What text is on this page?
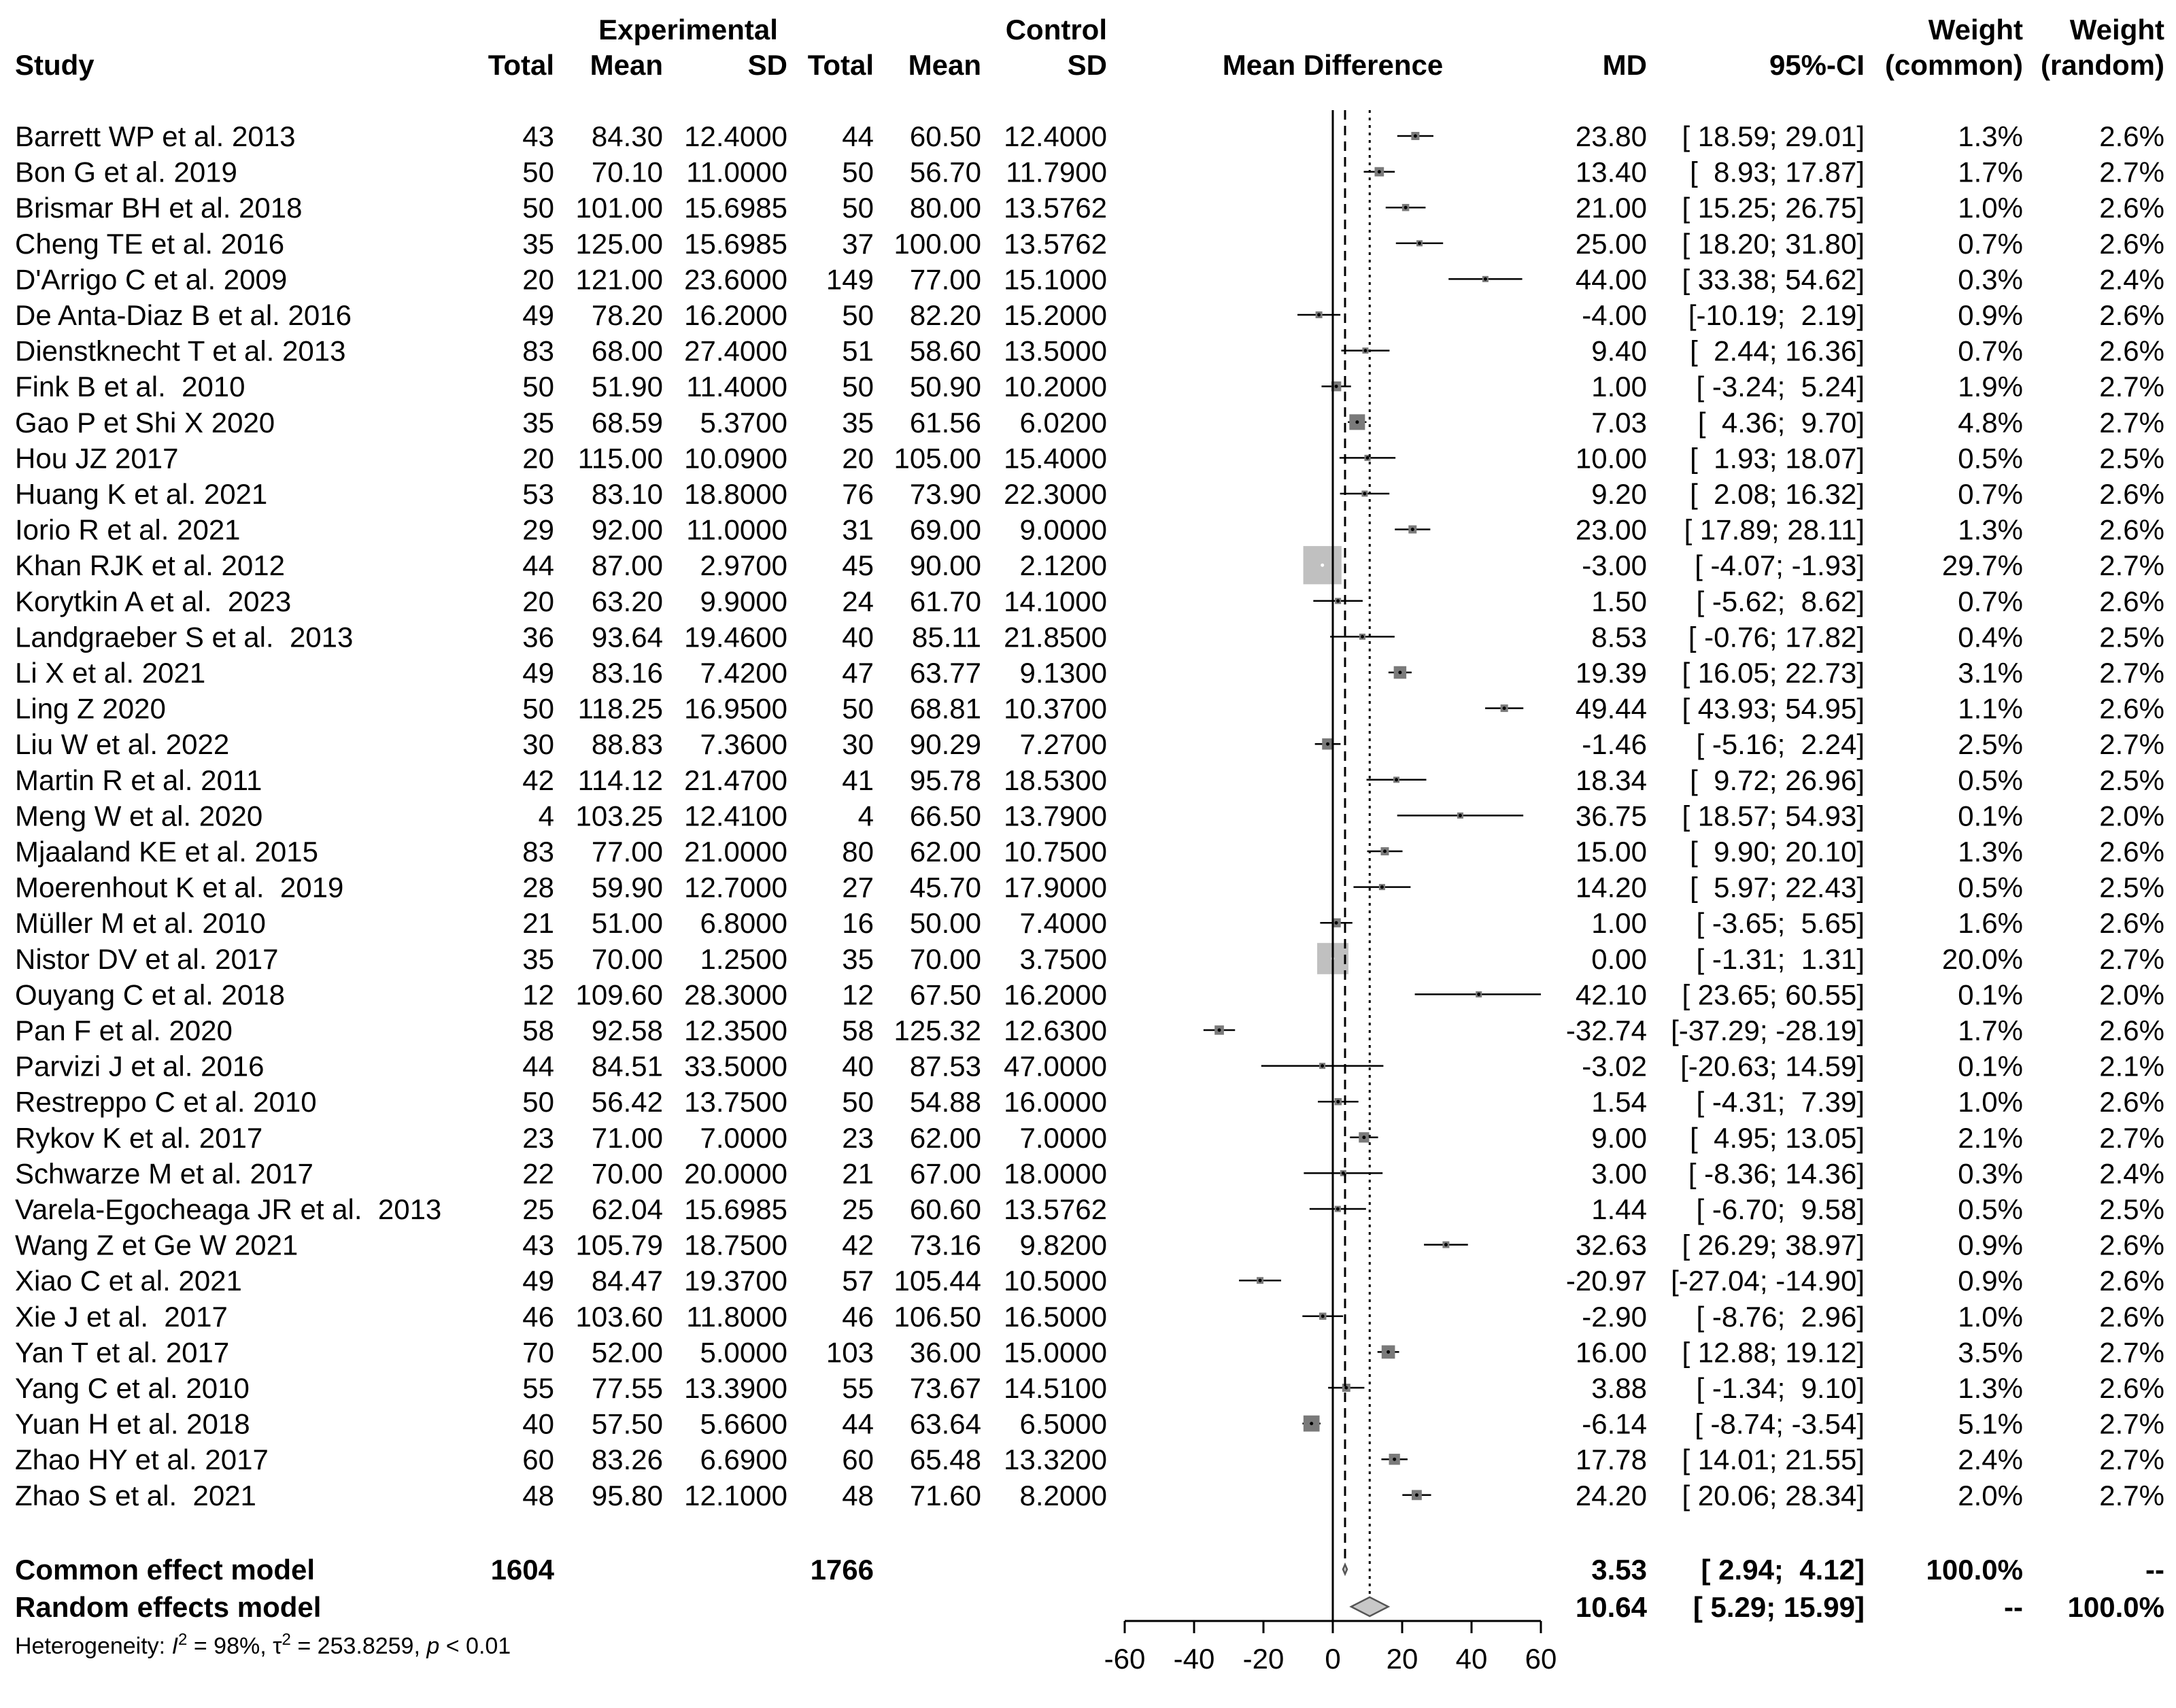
Experimental	Control	Weight Weight
Study	Total Mean	SD Total Mean	SD	Mean Difference	MD	95%-CI (common) (random)
Barrett WP et al. 2013	43 84.30 12.4000 44 60.50 12.4000	23.80 [ 18.59; 29.01]	1.3%	2.6%
Bon G et al. 2019	50 70.10 11.0000 50 56.70 11.7900	13.40 [  8.93; 17.87]	1.7%	2.7%
Brismar BH et al. 2018	50 101.00 15.6985 50 80.00 13.5762	21.00 [ 15.25; 26.75]	1.0%	2.6%
Cheng TE et al. 2016	35 125.00 15.6985 37 100.00 13.5762	25.00 [ 18.20; 31.80]	0.7%	2.6%
D'Arrigo C et al. 2009	20 121.00 23.6000 149 77.00 15.1000	44.00 [ 33.38; 54.62]	0.3%	2.4%
De Anta-Diaz B et al. 2016	49 78.20 16.2000 50 82.20 15.2000	-4.00 [-10.19;  2.19]	0.9%	2.6%
Dienstknecht T et al. 2013	83 68.00 27.4000 51 58.60 13.5000	9.40 [  2.44; 16.36]	0.7%	2.6%
Fink B et al.  2010	50 51.90 11.4000 50 50.90 10.2000	1.00 [ -3.24;  5.24]	1.9%	2.7%
Gao P et Shi X 2020	35 68.59 5.3700 35 61.56 6.0200	7.03 [  4.36;  9.70]	4.8%	2.7%
Hou JZ 2017	20 115.00 10.0900 20 105.00 15.4000	10.00 [  1.93; 18.07]	0.5%	2.5%
Huang K et al. 2021	53 83.10 18.8000 76 73.90 22.3000	9.20 [  2.08; 16.32]	0.7%	2.6%
Iorio R et al. 2021	29 92.00 11.0000 31 69.00 9.0000	23.00 [ 17.89; 28.11]	1.3%	2.6%
Khan RJK et al. 2012	44 87.00 2.9700 45 90.00 2.1200	-3.00 [ -4.07; -1.93]	29.7%	2.7%
Korytkin A et al.  2023	20 63.20 9.9000 24 61.70 14.1000	1.50 [ -5.62;  8.62]	0.7%	2.6%
Landgraeber S et al.  2013	36 93.64 19.4600 40 85.11 21.8500	8.53 [ -0.76; 17.82]	0.4%	2.5%
Li X et al. 2021	49 83.16 7.4200 47 63.77 9.1300	19.39 [ 16.05; 22.73]	3.1%	2.7%
Ling Z 2020	50 118.25 16.9500 50 68.81 10.3700	49.44 [ 43.93; 54.95]	1.1%	2.6%
Liu W et al. 2022	30 88.83 7.3600 30 90.29 7.2700	-1.46 [ -5.16;  2.24]	2.5%	2.7%
Martin R et al. 2011	42 114.12 21.4700 41 95.78 18.5300	18.34 [  9.72; 26.96]	0.5%	2.5%
Meng W et al. 2020	4 103.25 12.4100 4 66.50 13.7900	36.75 [ 18.57; 54.93]	0.1%	2.0%
Mjaaland KE et al. 2015	83 77.00 21.0000 80 62.00 10.7500	15.00 [  9.90; 20.10]	1.3%	2.6%
Moerenhout K et al.  2019	28 59.90 12.7000 27 45.70 17.9000	14.20 [  5.97; 22.43]	0.5%	2.5%
Müller M et al. 2010	21 51.00 6.8000 16 50.00 7.4000	1.00 [ -3.65;  5.65]	1.6%	2.6%
Nistor DV et al. 2017	35 70.00 1.2500 35 70.00 3.7500	0.00 [ -1.31;  1.31]	20.0%	2.7%
Ouyang C et al. 2018	12 109.60 28.3000 12 67.50 16.2000	42.10 [ 23.65; 60.55]	0.1%	2.0%
Pan F et al. 2020	58 92.58 12.3500 58 125.32 12.6300	-32.74 [-37.29; -28.19]	1.7%	2.6%
Parvizi J et al. 2016	44 84.51 33.5000 40 87.53 47.0000	-3.02 [-20.63; 14.59]	0.1%	2.1%
Restreppo C et al. 2010	50 56.42 13.7500 50 54.88 16.0000	1.54 [ -4.31;  7.39]	1.0%	2.6%
Rykov K et al. 2017	23 71.00 7.0000 23 62.00 7.0000	9.00 [  4.95; 13.05]	2.1%	2.7%
Schwarze M et al. 2017	22 70.00 20.0000 21 67.00 18.0000	3.00 [ -8.36; 14.36]	0.3%	2.4%
Varela-Egocheaga JR et al.  2013	25 62.04 15.6985 25 60.60 13.5762	1.44 [ -6.70;  9.58]	0.5%	2.5%
Wang Z et Ge W 2021	43 105.79 18.7500 42 73.16 9.8200	32.63 [ 26.29; 38.97]	0.9%	2.6%
Xiao C et al. 2021	49 84.47 19.3700 57 105.44 10.5000	-20.97 [-27.04; -14.90]	0.9%	2.6%
Xie J et al.  2017	46 103.60 11.8000 46 106.50 16.5000	-2.90 [ -8.76;  2.96]	1.0%	2.6%
Yan T et al. 2017	70 52.00 5.0000 103 36.00 15.0000	16.00 [ 12.88; 19.12]	3.5%	2.7%
Yang C et al. 2010	55 77.55 13.3900 55 73.67 14.5100	3.88 [ -1.34;  9.10]	1.3%	2.6%
Yuan H et al. 2018	40 57.50 5.6600 44 63.64 6.5000	-6.14 [ -8.74; -3.54]	5.1%	2.7%
Zhao HY et al. 2017	60 83.26 6.6900 60 65.48 13.3200	17.78 [ 14.01; 21.55]	2.4%	2.7%
Zhao S et al.  2021	48 95.80 12.1000 48 71.60 8.2000	24.20 [ 20.06; 28.34]	2.0%	2.7%
Common effect model	1604	1766	3.53 [ 2.94;  4.12] 100.0%	--
Random effects model	10.64 [ 5.29; 15.99]	-- 100.0%
Heterogeneity: $I^2 = 98\%$, $\tau^2 = 253.8259$, p < 0.01	-60 -40 -20 0 20 40 60
